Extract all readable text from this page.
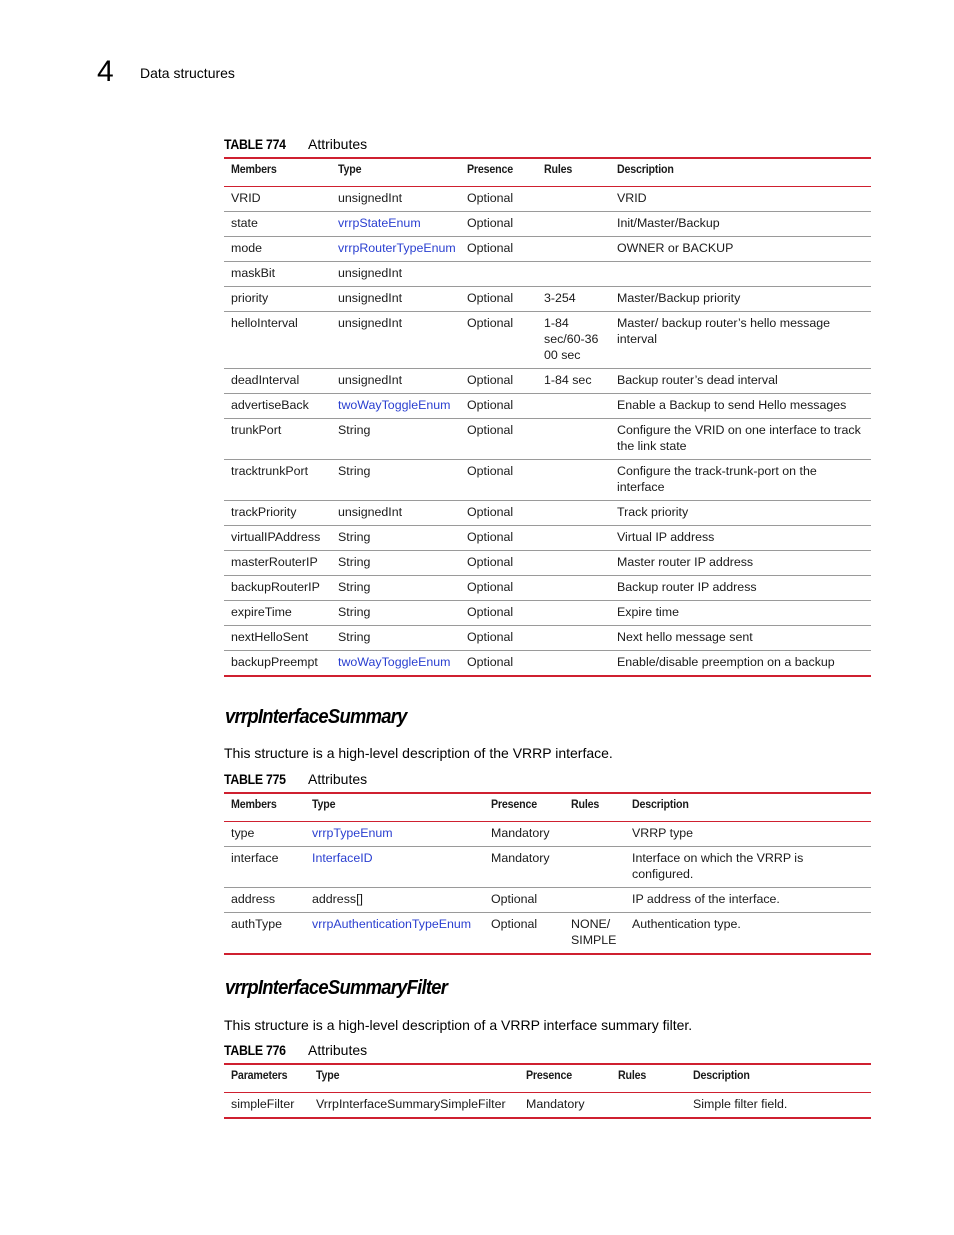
4 Data structures
TABLE 774 Attributes
Members	Type	Presence	Rules	Description
VRID	unsignedInt	Optional		VRID
state	vrrpStateEnum	Optional		Init/Master/Backup
mode	vrrpRouterTypeEnum	Optional		OWNER or BACKUP
maskBit	unsignedInt			
priority	unsignedInt	Optional	3-254	Master/Backup priority
helloInterval	unsignedInt	Optional	1-84 sec/60-36 00 sec	Master/ backup router’s hello message interval
deadInterval	unsignedInt	Optional	1-84 sec	Backup router’s dead interval
advertiseBack	twoWayToggleEnum	Optional		Enable a Backup to send Hello messages
trunkPort	String	Optional		Configure the VRID on one interface to track the link state
tracktrunkPort	String	Optional		Configure the track-trunk-port on the interface
trackPriority	unsignedInt	Optional		Track priority
virtualIPAddress	String	Optional		Virtual IP address
masterRouterIP	String	Optional		Master router IP address
backupRouterIP	String	Optional		Backup router IP address
expireTime	String	Optional		Expire time
nextHelloSent	String	Optional		Next hello message sent
backupPreempt	twoWayToggleEnum	Optional		Enable/disable preemption on a backup
vrrpInterfaceSummary
This structure is a high-level description of the VRRP interface.
TABLE 775 Attributes
Members	Type	Presence	Rules	Description
type	vrrpTypeEnum	Mandatory		VRRP type
interface	InterfaceID	Mandatory		Interface on which the VRRP is configured.
address	address[]	Optional		IP address of the interface.
authType	vrrpAuthenticationTypeEnum	Optional	NONE/ SIMPLE	Authentication type.
vrrpInterfaceSummaryFilter
This structure is a high-level description of a VRRP interface summary filter.
TABLE 776 Attributes
Parameters	Type	Presence	Rules	Description
simpleFilter	VrrpInterfaceSummarySimpleFilter	Mandatory		Simple filter field.
